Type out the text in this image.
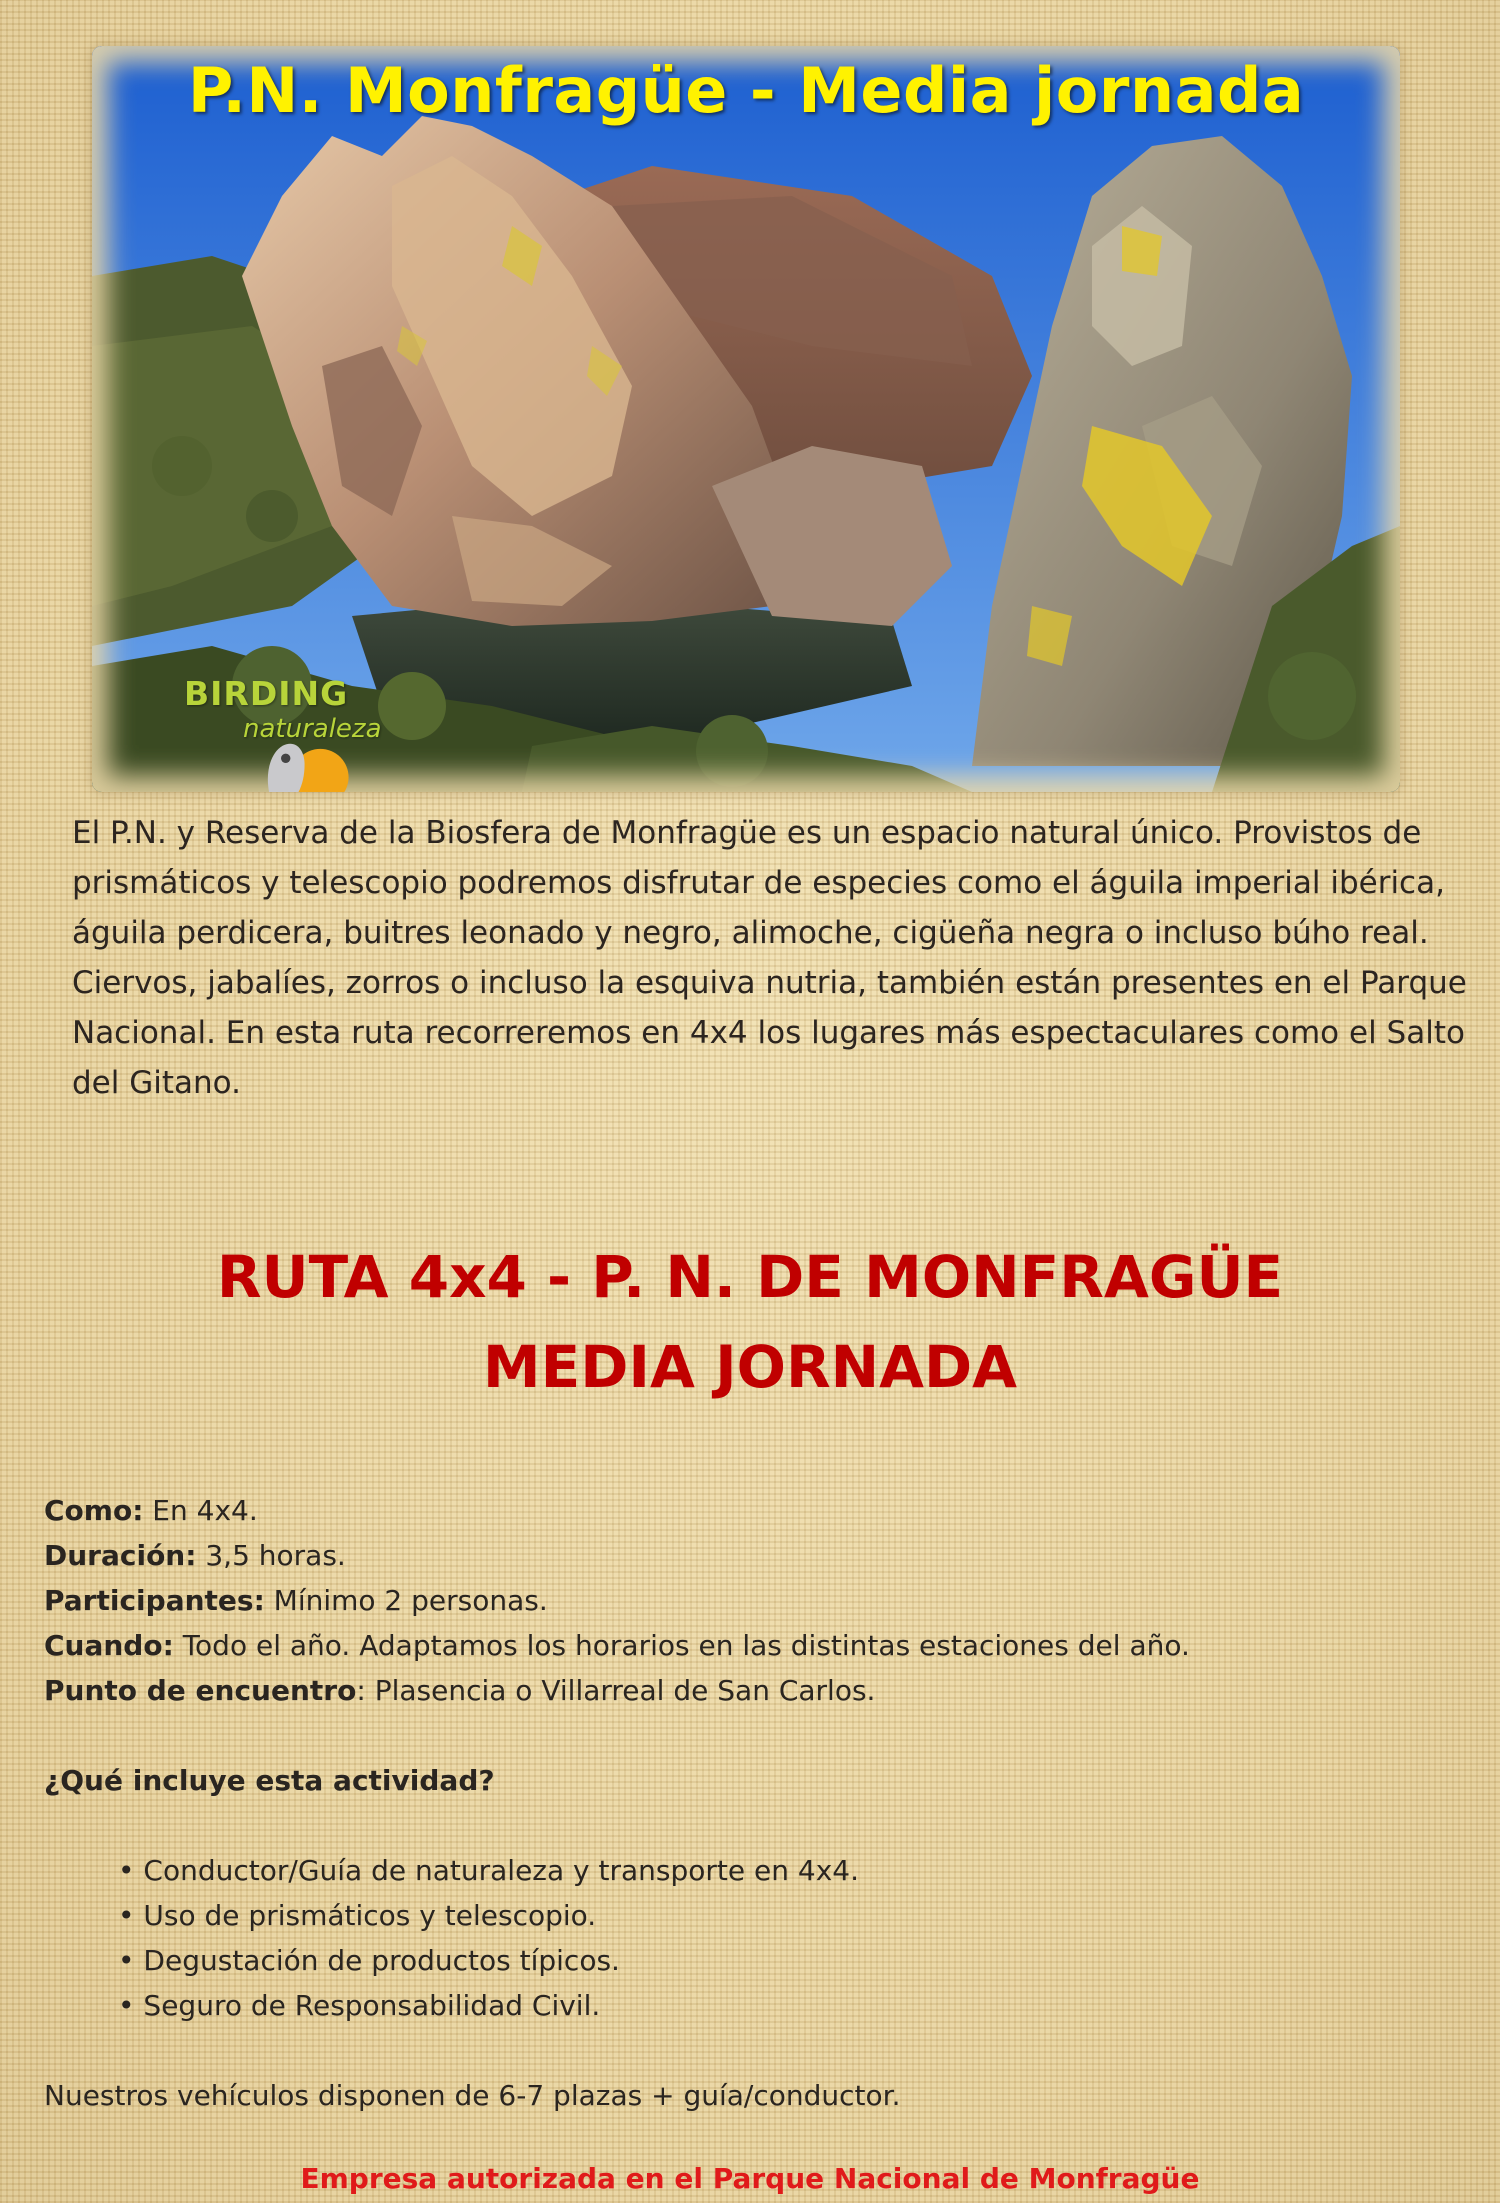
P.N. Monfragüe - Media jornada
BIRDING
naturaleza

El P.N. y Reserva de la Biosfera de Monfragüe es un espacio natural único. Provistos de prismáticos y telescopio podremos disfrutar de especies como el águila imperial ibérica, águila perdicera, buitres leonado y negro, alimoche, cigüeña negra o incluso búho real. Ciervos, jabalíes, zorros o incluso la esquiva nutria, también están presentes en el Parque Nacional. En esta ruta recorreremos en 4x4 los lugares más espectaculares como el Salto del Gitano.

RUTA 4x4 - P. N. DE MONFRAGÜE
MEDIA JORNADA

Como: En 4x4.

Duración: 3,5 horas.

Participantes: Mínimo 2 personas.

Cuando: Todo el año. Adaptamos los horarios en las distintas estaciones del año.

Punto de encuentro: Plasencia o Villarreal de San Carlos.

¿Qué incluye esta actividad?

• Conductor/Guía de naturaleza y transporte en 4x4.
• Uso de prismáticos y telescopio.
• Degustación de productos típicos.
• Seguro de Responsabilidad Civil.

Nuestros vehículos disponen de 6-7 plazas + guía/conductor.

Empresa autorizada en el Parque Nacional de Monfragüe
